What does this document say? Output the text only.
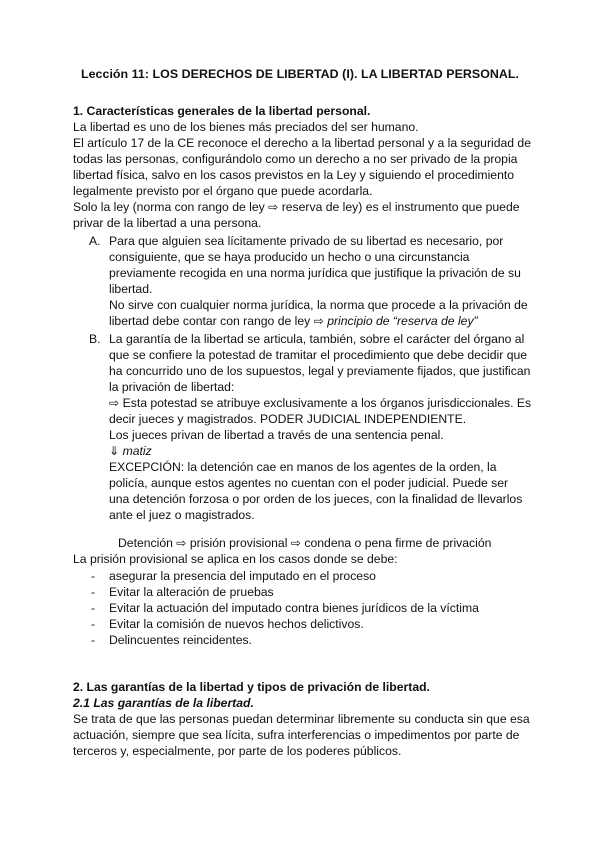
Lección 11: LOS DERECHOS DE LIBERTAD (I). LA LIBERTAD PERSONAL.
1. Características generales de la libertad personal.
La libertad es uno de los bienes más preciados del ser humano.
El artículo 17 de la CE reconoce el derecho a la libertad personal y a la seguridad de
todas las personas, configurándolo como un derecho a no ser privado de la propia
libertad física, salvo en los casos previstos en la Ley y siguiendo el procedimiento
legalmente previsto por el órgano que puede acordarla.
Solo la ley (norma con rango de ley ⇨ reserva de ley) es el instrumento que puede
privar de la libertad a una persona.
A. Para que alguien sea lícitamente privado de su libertad es necesario, por
consiguiente, que se haya producido un hecho o una circunstancia
previamente recogida en una norma jurídica que justifique la privación de su
libertad.
No sirve con cualquier norma jurídica, la norma que procede a la privación de
libertad debe contar con rango de ley ⇨ principio de “reserva de ley”
B. La garantía de la libertad se articula, también, sobre el carácter del órgano al
que se confiere la potestad de tramitar el procedimiento que debe decidir que
ha concurrido uno de los supuestos, legal y previamente fijados, que justifican
la privación de libertad:
⇨ Esta potestad se atribuye exclusivamente a los órganos jurisdiccionales. Es
decir jueces y magistrados. PODER JUDICIAL INDEPENDIENTE.
Los jueces privan de libertad a través de una sentencia penal.
⇓ matiz
EXCEPCIÓN: la detención cae en manos de los agentes de la orden, la
policía, aunque estos agentes no cuentan con el poder judicial. Puede ser
una detención forzosa o por orden de los jueces, con la finalidad de llevarlos
ante el juez o magistrados.
Detención ⇨ prisión provisional ⇨ condena o pena firme de privación
La prisión provisional se aplica en los casos donde se debe:
- asegurar la presencia del imputado en el proceso
- Evitar la alteración de pruebas
- Evitar la actuación del imputado contra bienes jurídicos de la víctima
- Evitar la comisión de nuevos hechos delictivos.
- Delincuentes reincidentes.
2. Las garantías de la libertad y tipos de privación de libertad.
2.1 Las garantías de la libertad.
Se trata de que las personas puedan determinar libremente su conducta sin que esa
actuación, siempre que sea lícita, sufra interferencias o impedimentos por parte de
terceros y, especialmente, por parte de los poderes públicos.
